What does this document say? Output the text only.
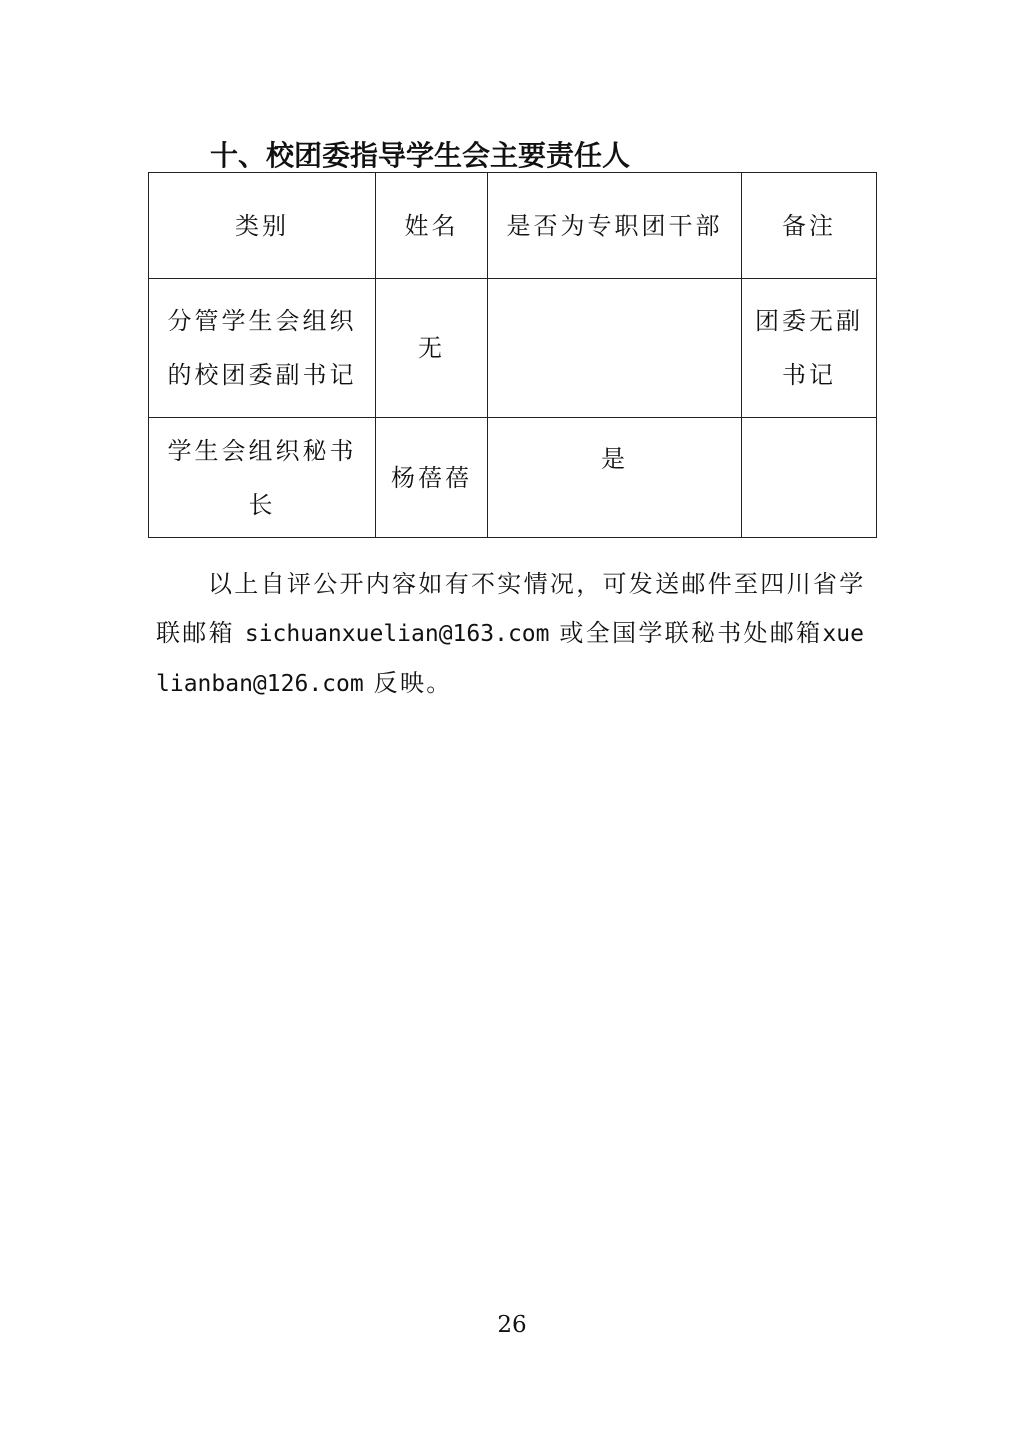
十、校团委指导学生会主要责任人
类别	姓名	是否为专职团干部	备注
分管学生会组织的校团委副书记	无		团委无副书记
学生会组织秘书长	杨蓓蓓	是	

以上自评公开内容如有不实情况，可发送邮件至四川省学联邮箱 sichuanxuelian@163.com 或全国学联秘书处邮箱xuelianban@126.com 反映。

26
